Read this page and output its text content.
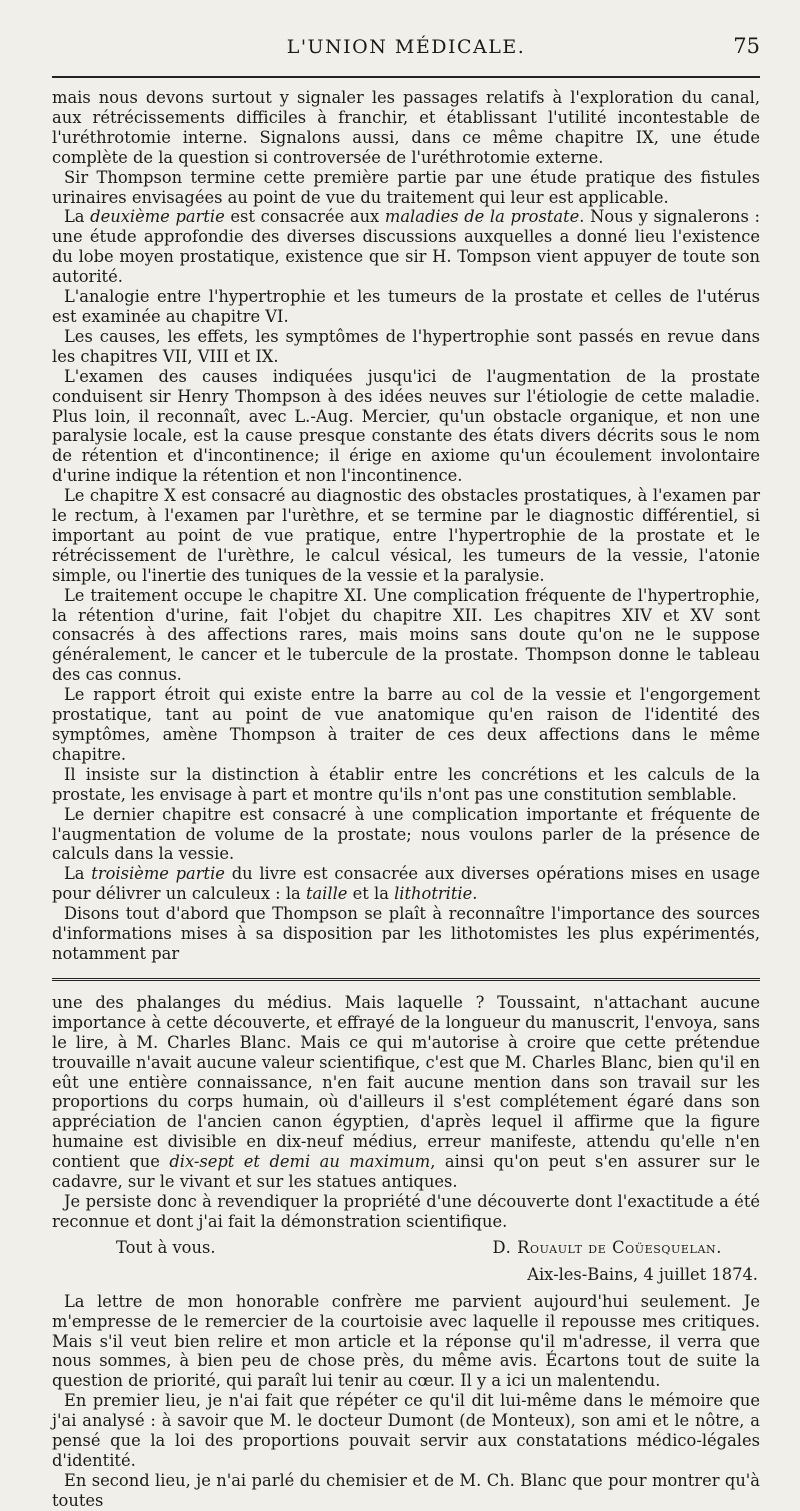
L'UNION MÉDICALE.	75

mais nous devons surtout y signaler les passages relatifs à l'exploration du canal, aux rétrécissements difficiles à franchir, et établissant l'utilité incontestable de l'uréthrotomie interne. Signalons aussi, dans ce même chapitre IX, une étude complète de la question si controversée de l'uréthrotomie externe.

Sir Thompson termine cette première partie par une étude pratique des fistules urinaires envisagées au point de vue du traitement qui leur est applicable.

La deuxième partie est consacrée aux maladies de la prostate. Nous y signalerons : une étude approfondie des diverses discussions auxquelles a donné lieu l'existence du lobe moyen prostatique, existence que sir H. Tompson vient appuyer de toute son autorité.

L'analogie entre l'hypertrophie et les tumeurs de la prostate et celles de l'utérus est examinée au chapitre VI.

Les causes, les effets, les symptômes de l'hypertrophie sont passés en revue dans les chapitres VII, VIII et IX.

L'examen des causes indiquées jusqu'ici de l'augmentation de la prostate conduisent sir Henry Thompson à des idées neuves sur l'étiologie de cette maladie. Plus loin, il reconnaît, avec L.-Aug. Mercier, qu'un obstacle organique, et non une paralysie locale, est la cause presque constante des états divers décrits sous le nom de rétention et d'incontinence; il érige en axiome qu'un écoulement involontaire d'urine indique la rétention et non l'incontinence.

Le chapitre X est consacré au diagnostic des obstacles prostatiques, à l'examen par le rectum, à l'examen par l'urèthre, et se termine par le diagnostic différentiel, si important au point de vue pratique, entre l'hypertrophie de la prostate et le rétrécissement de l'urèthre, le calcul vésical, les tumeurs de la vessie, l'atonie simple, ou l'inertie des tuniques de la vessie et la paralysie.

Le traitement occupe le chapitre XI. Une complication fréquente de l'hypertrophie, la rétention d'urine, fait l'objet du chapitre XII. Les chapitres XIV et XV sont consacrés à des affections rares, mais moins sans doute qu'on ne le suppose généralement, le cancer et le tubercule de la prostate. Thompson donne le tableau des cas connus.

Le rapport étroit qui existe entre la barre au col de la vessie et l'engorgement prostatique, tant au point de vue anatomique qu'en raison de l'identité des symptômes, amène Thompson à traiter de ces deux affections dans le même chapitre.

Il insiste sur la distinction à établir entre les concrétions et les calculs de la prostate, les envisage à part et montre qu'ils n'ont pas une constitution semblable.

Le dernier chapitre est consacré à une complication importante et fréquente de l'augmentation de volume de la prostate; nous voulons parler de la présence de calculs dans la vessie.

La troisième partie du livre est consacrée aux diverses opérations mises en usage pour délivrer un calculeux : la taille et la lithotritie.

Disons tout d'abord que Thompson se plaît à reconnaître l'importance des sources d'informations mises à sa disposition par les lithotomistes les plus expérimentés, notamment par

une des phalanges du médius. Mais laquelle ? Toussaint, n'attachant aucune importance à cette découverte, et effrayé de la longueur du manuscrit, l'envoya, sans le lire, à M. Charles Blanc. Mais ce qui m'autorise à croire que cette prétendue trouvaille n'avait aucune valeur scientifique, c'est que M. Charles Blanc, bien qu'il en eût une entière connaissance, n'en fait aucune mention dans son travail sur les proportions du corps humain, où d'ailleurs il s'est complétement égaré dans son appréciation de l'ancien canon égyptien, d'après lequel il affirme que la figure humaine est divisible en dix-neuf médius, erreur manifeste, attendu qu'elle n'en contient que dix-sept et demi au maximum, ainsi qu'on peut s'en assurer sur le cadavre, sur le vivant et sur les statues antiques.

Je persiste donc à revendiquer la propriété d'une découverte dont l'exactitude a été reconnue et dont j'ai fait la démonstration scientifique.

Tout à vous.	D. Rouault de Coüesquelan.
Aix-les-Bains, 4 juillet 1874.

La lettre de mon honorable confrère me parvient aujourd'hui seulement. Je m'empresse de le remercier de la courtoisie avec laquelle il repousse mes critiques. Mais s'il veut bien relire et mon article et la réponse qu'il m'adresse, il verra que nous sommes, à bien peu de chose près, du même avis. Écartons tout de suite la question de priorité, qui paraît lui tenir au cœur. Il y a ici un malentendu.

En premier lieu, je n'ai fait que répéter ce qu'il dit lui-même dans le mémoire que j'ai analysé : à savoir que M. le docteur Dumont (de Monteux), son ami et le nôtre, a pensé que la loi des proportions pouvait servir aux constatations médico-légales d'identité.

En second lieu, je n'ai parlé du chemisier et de M. Ch. Blanc que pour montrer qu'à toutes
